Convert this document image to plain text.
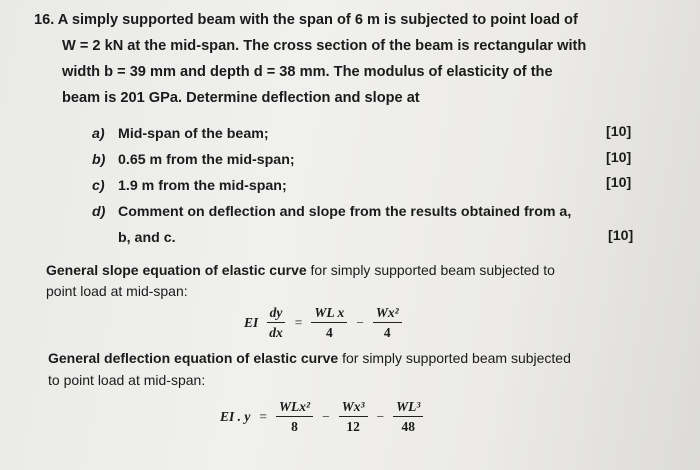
16. A simply supported beam with the span of 6 m is subjected to point load of
W = 2 kN at the mid-span. The cross section of the beam is rectangular with
width b = 39 mm and depth d = 38 mm. The modulus of elasticity of the
beam is 201 GPa. Determine deflection and slope at
a) Mid-span of the beam;	[10]
b) 0.65 m from the mid-span;	[10]
c) 1.9 m from the mid-span;	[10]
d) Comment on deflection and slope from the results obtained from a,
b, and c.	[10]
General slope equation of elastic curve for simply supported beam subjected to
point load at mid-span:
EI $\frac{dy}{dx} = \frac{\text{WL x}}{4} - \frac{\text{Wx²}}{4}$
General deflection equation of elastic curve for simply supported beam subjected
to point load at mid-span:
EI . $y = \frac{\text{WLx²}}{8} - \frac{\text{Wx³}}{12} - \frac{\text{WL³}}{48}$
